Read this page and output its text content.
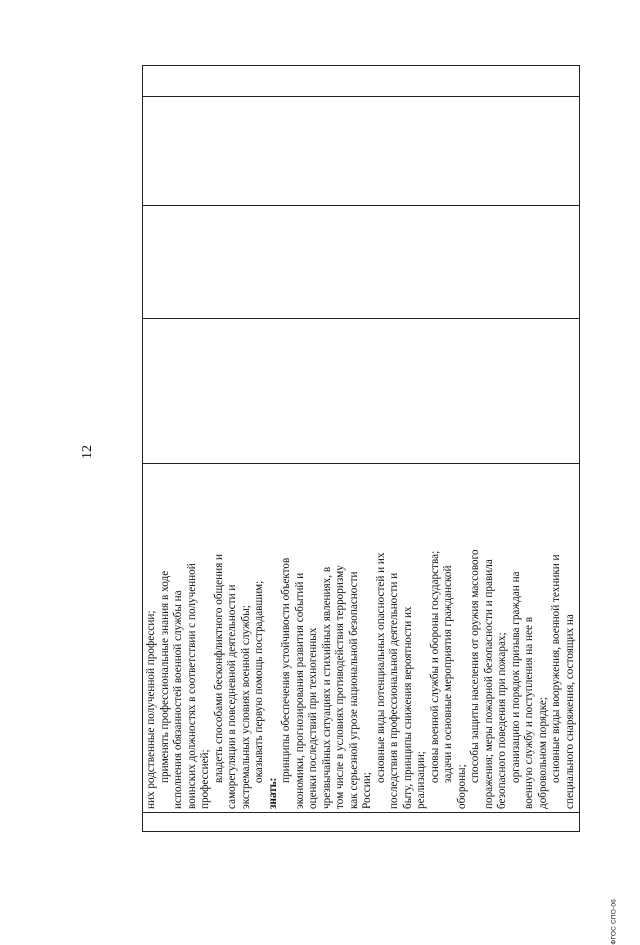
12

них родственные полученной профессии; применять профессиональные знания в ходе исполнения обязанностей военной службы на воинских должностях в соответствии с полученной профессией; владеть способами бесконфликтного общения и саморегуляции в повседневной деятельности и экстремальных условиях военной службы; оказывать первую помощь пострадавшим;
знать:
принципы обеспечения устойчивости объектов экономики, прогнозирования развития событий и оценки последствий при техногенных чрезвычайных ситуациях и стихийных явлениях, в том числе в условиях противодействия терроризму как серьезной угрозе национальной безопасности России;
основные виды потенциальных опасностей и их последствия в профессиональной деятельности и быту, принципы снижения вероятности их реализации; основы военной службы и обороны государства; задачи и основные мероприятия гражданской
обороны;
способы защиты населения от оружия массового поражения; меры пожарной безопасности и правила безопасного поведения при пожарах; организацию и порядок призыва граждан на военную службу и поступления на нее в добровольном порядке; основные виды вооружения, военной техники и специального снаряжения, состоящих на

ФГОС СПО-06
